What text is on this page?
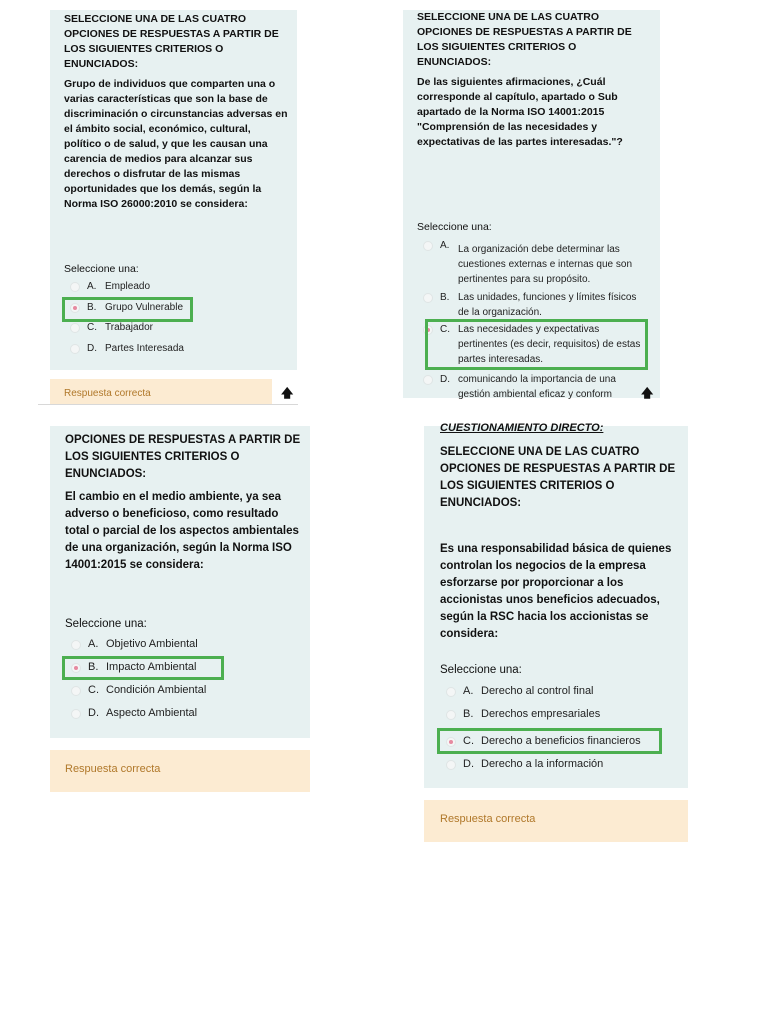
SELECCIONE UNA DE LAS CUATRO OPCIONES DE RESPUESTAS A PARTIR DE LOS SIGUIENTES CRITERIOS O ENUNCIADOS:
Grupo de individuos que comparten una o varias características que son la base de discriminación o circunstancias adversas en el ámbito social, económico, cultural, político o de salud, y que les causan una carencia de medios para alcanzar sus derechos o disfrutar de las mismas oportunidades que los demás, según la Norma ISO 26000:2010 se considera:
Seleccione una:
A. Empleado
B. Grupo Vulnerable
C. Trabajador
D. Partes Interesada
Respuesta correcta	🡅
SELECCIONE UNA DE LAS CUATRO OPCIONES DE RESPUESTAS A PARTIR DE LOS SIGUIENTES CRITERIOS O ENUNCIADOS:
De las siguientes afirmaciones, ¿Cuál corresponde al capítulo, apartado o Sub apartado de la Norma ISO 14001:2015 "Comprensión de las necesidades y expectativas de las partes interesadas."?
Seleccione una:
A. La organización debe determinar las cuestiones externas e internas que son pertinentes para su propósito.
B. Las unidades, funciones y límites físicos de la organización.
C. Las necesidades y expectativas pertinentes (es decir, requisitos) de estas partes interesadas.
D. comunicando la importancia de una gestión ambiental eficaz y conform	🡅
OPCIONES DE RESPUESTAS A PARTIR DE LOS SIGUIENTES CRITERIOS O ENUNCIADOS:
El cambio en el medio ambiente, ya sea adverso o beneficioso, como resultado total o parcial de los aspectos ambientales de una organización, según la Norma ISO 14001:2015 se considera:
Seleccione una:
A. Objetivo Ambiental
B. Impacto Ambiental
C. Condición Ambiental
D. Aspecto Ambiental
Respuesta correcta
CUESTIONAMIENTO DIRECTO:
SELECCIONE UNA DE LAS CUATRO OPCIONES DE RESPUESTAS A PARTIR DE LOS SIGUIENTES CRITERIOS O ENUNCIADOS:
Es una responsabilidad básica de quienes controlan los negocios de la empresa esforzarse por proporcionar a los accionistas unos beneficios adecuados, según la RSC hacia los accionistas se considera:
Seleccione una:
A. Derecho al control final
B. Derechos empresariales
C. Derecho a beneficios financieros
D. Derecho a la información
Respuesta correcta
